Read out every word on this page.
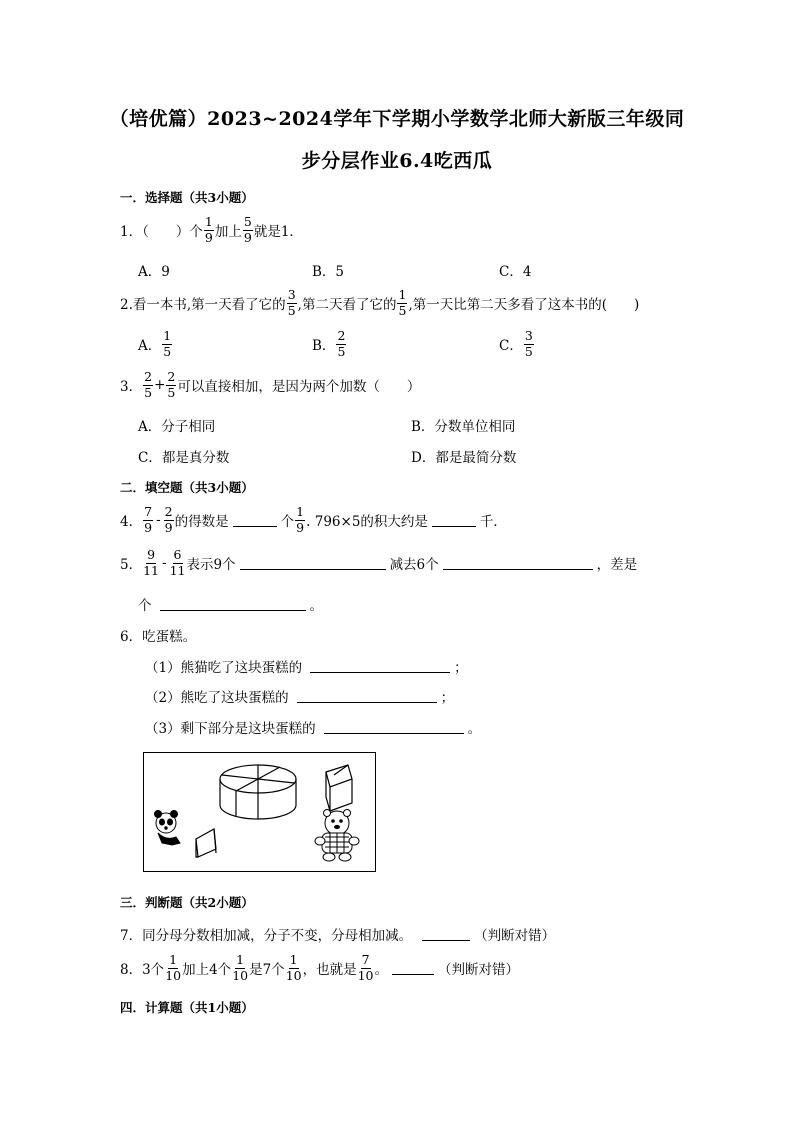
（培优篇）2023~2024学年下学期小学数学北师大新版三年级同
步分层作业6.4吃西瓜
一．选择题（共3小题）
1．（　　）个 $\frac{1}{9}$ 加上 $\frac{5}{9}$ 就是1．
A．9	B．5	C．4
2.看一本书,第一天看了它的 $\frac{3}{5}$ ,第二天看了它的 $\frac{1}{5}$ ,第一天比第二天多看了这本书的(　　)
A． $\frac{1}{5}$	B． $\frac{2}{5}$	C． $\frac{3}{5}$
3． $\frac{2}{5} + \frac{2}{5}$ 可以直接相加，是因为两个加数（　　）
A．分子相同	B．分数单位相同
C．都是真分数	D．都是最简分数
二．填空题（共3小题）
4． $\frac{7}{9} - \frac{2}{9}$ 的得数是	个 $\frac{1}{9}$ . 796×5的积大约是	千．
5． $\frac{9}{11} - \frac{6}{11}$ 表示9个	减去6个	，差是
个	。
6．吃蛋糕。
（1）熊猫吃了这块蛋糕的	；
（2）熊吃了这块蛋糕的	；
（3）剩下部分是这块蛋糕的	。
三．判断题（共2小题）
7．同分母分数相加减，分子不变，分母相加减。	（判断对错）
8．3个 $\frac{1}{10}$ 加上4个 $\frac{1}{10}$ 是7个 $\frac{1}{10}$ ，也就是 $\frac{7}{10}$ 。	（判断对错）
四．计算题（共1小题）
